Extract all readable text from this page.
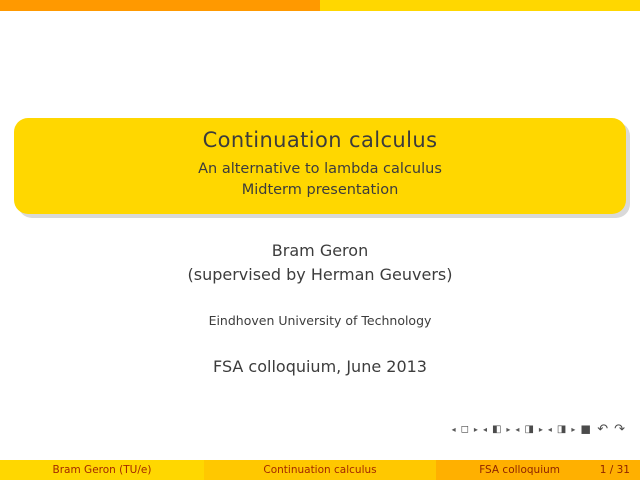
Continuation calculus
An alternative to lambda calculus
Midterm presentation
Bram Geron
(supervised by Herman Geuvers)
Eindhoven University of Technology
FSA colloquium, June 2013
◂ ◻ ▸ ◂ ◧ ▸ ◂ ◨ ▸ ◂ ◨ ▸ ◼ ↶ ↷
Bram Geron (TU/e)	Continuation calculus	FSA colloquium	1 / 31
